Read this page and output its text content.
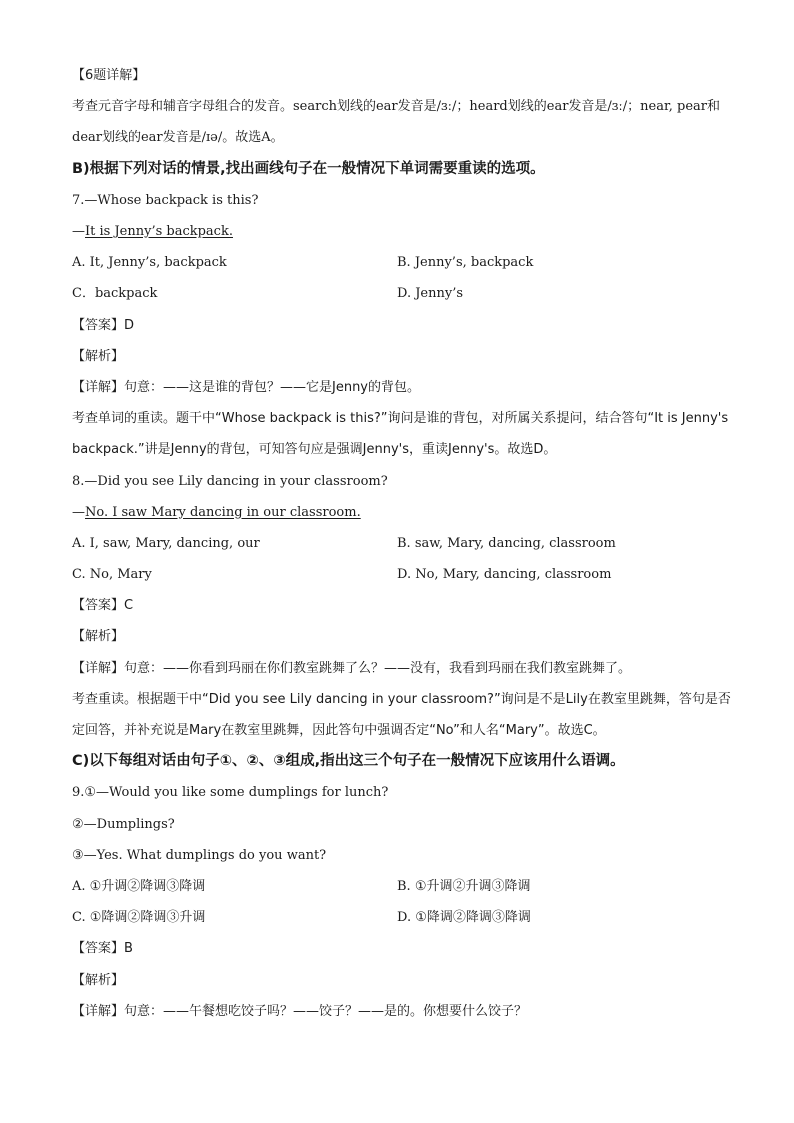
【6题详解】
考查元音字母和辅音字母组合的发音。search划线的ear发音是/ɜː/；heard划线的ear发音是/ɜː/；near, pear和dear划线的ear发音是/ɪə/。故选A。
B)根据下列对话的情景,找出画线句子在一般情况下单词需要重读的选项。
7.—Whose backpack is this?
—It is Jenny’s backpack.
A. It, Jenny’s, backpack	B. Jenny’s, backpack
C．backpack	D. Jenny’s
【答案】D
【解析】
【详解】句意：——这是谁的背包？——它是Jenny的背包。
考查单词的重读。题干中“Whose backpack is this?”询问是谁的背包，对所属关系提问，结合答句“It is Jenny's backpack.”讲是Jenny的背包，可知答句应是强调Jenny's，重读Jenny's。故选D。
8.—Did you see Lily dancing in your classroom?
—No. I saw Mary dancing in our classroom.
A. I, saw, Mary, dancing, our	B. saw, Mary, dancing, classroom
C. No, Mary	D. No, Mary, dancing, classroom
【答案】C
【解析】
【详解】句意：——你看到玛丽在你们教室跳舞了么？——没有，我看到玛丽在我们教室跳舞了。
考查重读。根据题干中“Did you see Lily dancing in your classroom?”询问是不是Lily在教室里跳舞，答句是否定回答，并补充说是Mary在教室里跳舞，因此答句中强调否定“No”和人名“Mary”。故选C。
C)以下每组对话由句子①、②、③组成,指出这三个句子在一般情况下应该用什么语调。
9.①—Would you like some dumplings for lunch?
②—Dumplings?
③—Yes. What dumplings do you want?
A. ①升调②降调③降调	B. ①升调②升调③降调
C. ①降调②降调③升调	D. ①降调②降调③降调
【答案】B
【解析】
【详解】句意：——午餐想吃饺子吗？——饺子？——是的。你想要什么饺子？
